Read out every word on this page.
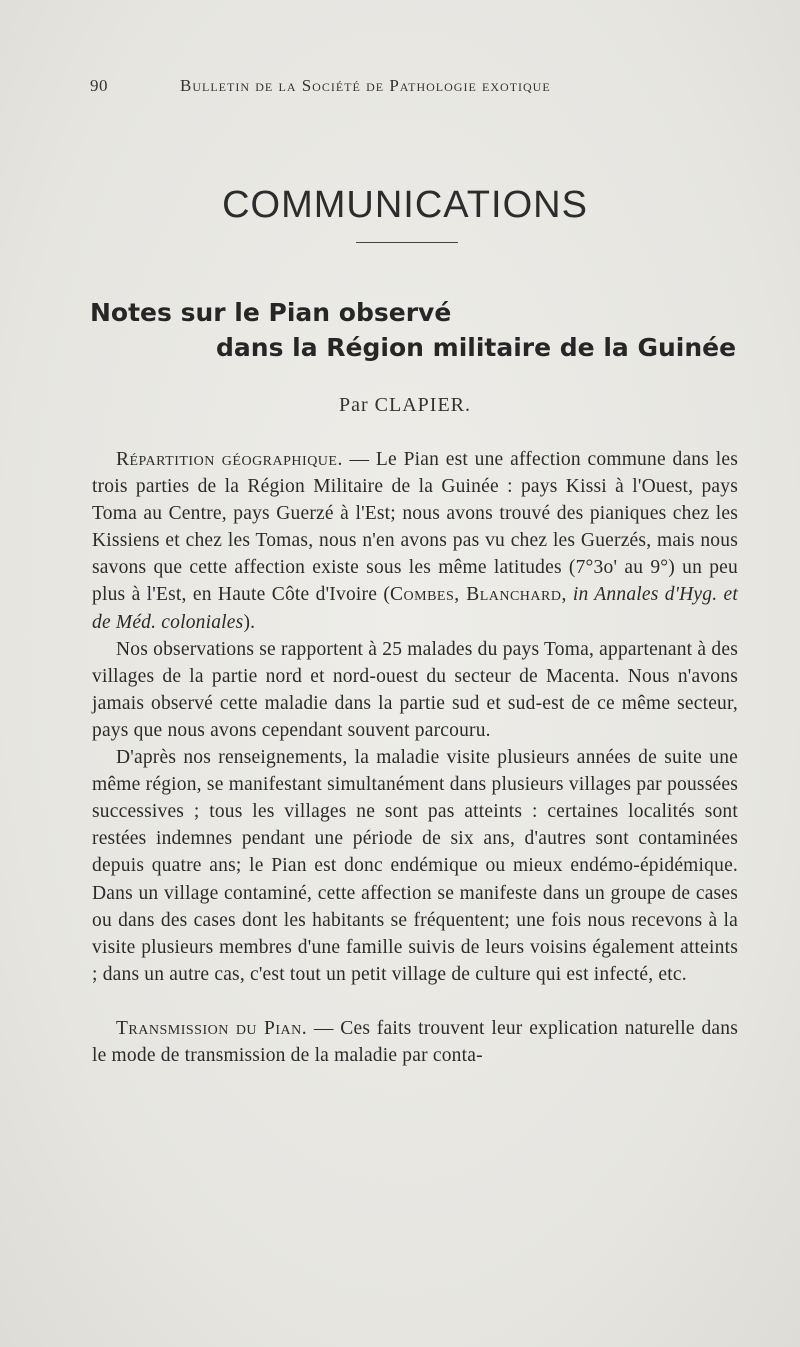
90	Bulletin de la Société de Pathologie exotique
COMMUNICATIONS
Notes sur le Pian observé
dans la Région militaire de la Guinée
Par CLAPIER.

Répartition géographique. — Le Pian est une affection commune dans les trois parties de la Région Militaire de la Guinée : pays Kissi à l'Ouest, pays Toma au Centre, pays Guerzé à l'Est; nous avons trouvé des pianiques chez les Kissiens et chez les Tomas, nous n'en avons pas vu chez les Guerzés, mais nous savons que cette affection existe sous les même latitudes (7°3o' au 9°) un peu plus à l'Est, en Haute Côte d'Ivoire (Combes, Blanchard, in Annales d'Hyg. et de Méd. coloniales).

Nos observations se rapportent à 25 malades du pays Toma, appartenant à des villages de la partie nord et nord-ouest du secteur de Macenta. Nous n'avons jamais observé cette maladie dans la partie sud et sud-est de ce même secteur, pays que nous avons cependant souvent parcouru.

D'après nos renseignements, la maladie visite plusieurs années de suite une même région, se manifestant simultanément dans plusieurs villages par poussées successives ; tous les villages ne sont pas atteints : certaines localités sont restées indemnes pendant une période de six ans, d'autres sont contaminées depuis quatre ans; le Pian est donc endémique ou mieux endémo-épidémique. Dans un village contaminé, cette affection se manifeste dans un groupe de cases ou dans des cases dont les habitants se fréquentent; une fois nous recevons à la visite plusieurs membres d'une famille suivis de leurs voisins également atteints ; dans un autre cas, c'est tout un petit village de culture qui est infecté, etc.

Transmission du Pian. — Ces faits trouvent leur explication naturelle dans le mode de transmission de la maladie par conta-
